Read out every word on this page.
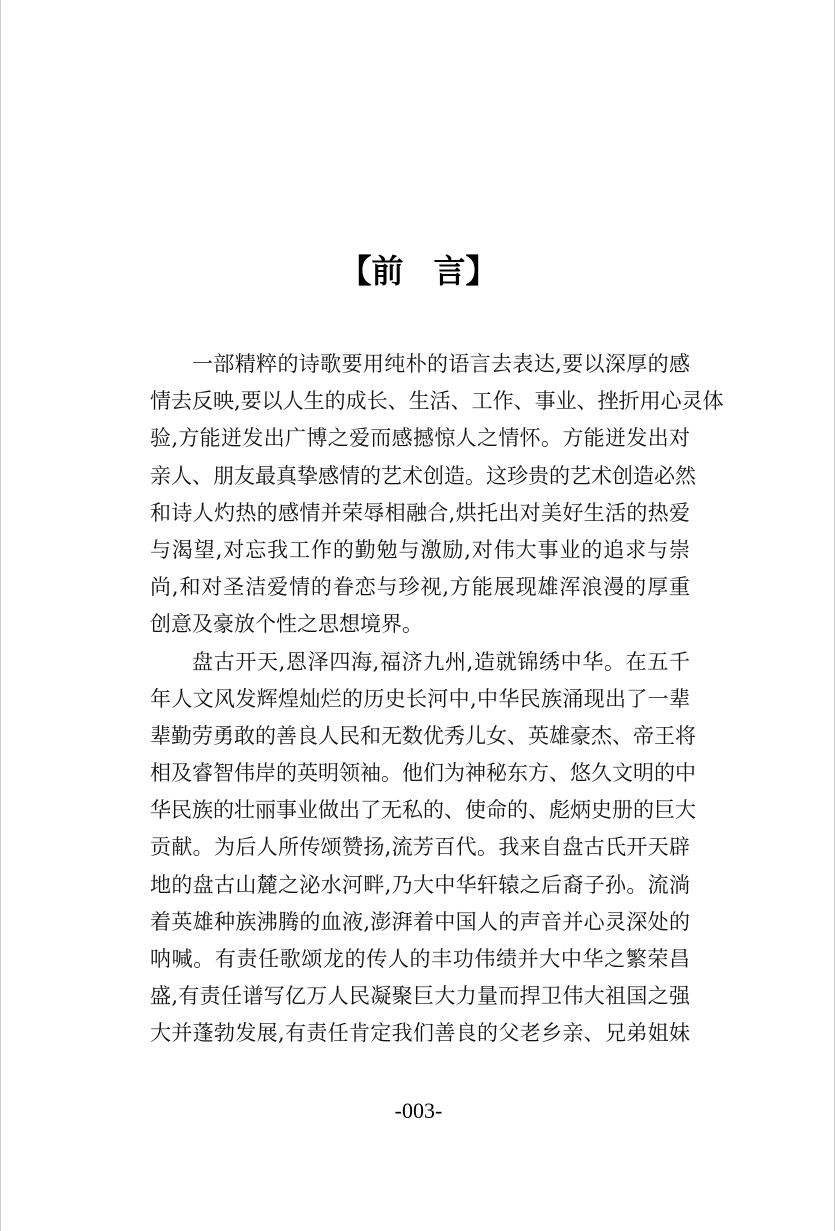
【前 言】
一部精粹的诗歌要用纯朴的语言去表达,要以深厚的感
情去反映,要以人生的成长、生活、工作、事业、挫折用心灵体
验,方能迸发出广博之爱而感撼惊人之情怀。方能迸发出对
亲人、朋友最真挚感情的艺术创造。这珍贵的艺术创造必然
和诗人灼热的感情并荣辱相融合,烘托出对美好生活的热爱
与渴望,对忘我工作的勤勉与激励,对伟大事业的追求与崇
尚,和对圣洁爱情的眷恋与珍视,方能展现雄浑浪漫的厚重
创意及豪放个性之思想境界。
盘古开天,恩泽四海,福济九州,造就锦绣中华。在五千
年人文风发辉煌灿烂的历史长河中,中华民族涌现出了一辈
辈勤劳勇敢的善良人民和无数优秀儿女、英雄豪杰、帝王将
相及睿智伟岸的英明领袖。他们为神秘东方、悠久文明的中
华民族的壮丽事业做出了无私的、使命的、彪炳史册的巨大
贡献。为后人所传颂赞扬,流芳百代。我来自盘古氏开天辟
地的盘古山麓之泌水河畔,乃大中华轩辕之后裔子孙。流淌
着英雄种族沸腾的血液,澎湃着中国人的声音并心灵深处的
呐喊。有责任歌颂龙的传人的丰功伟绩并大中华之繁荣昌
盛,有责任谱写亿万人民凝聚巨大力量而捍卫伟大祖国之强
大并蓬勃发展,有责任肯定我们善良的父老乡亲、兄弟姐妹
-003-
